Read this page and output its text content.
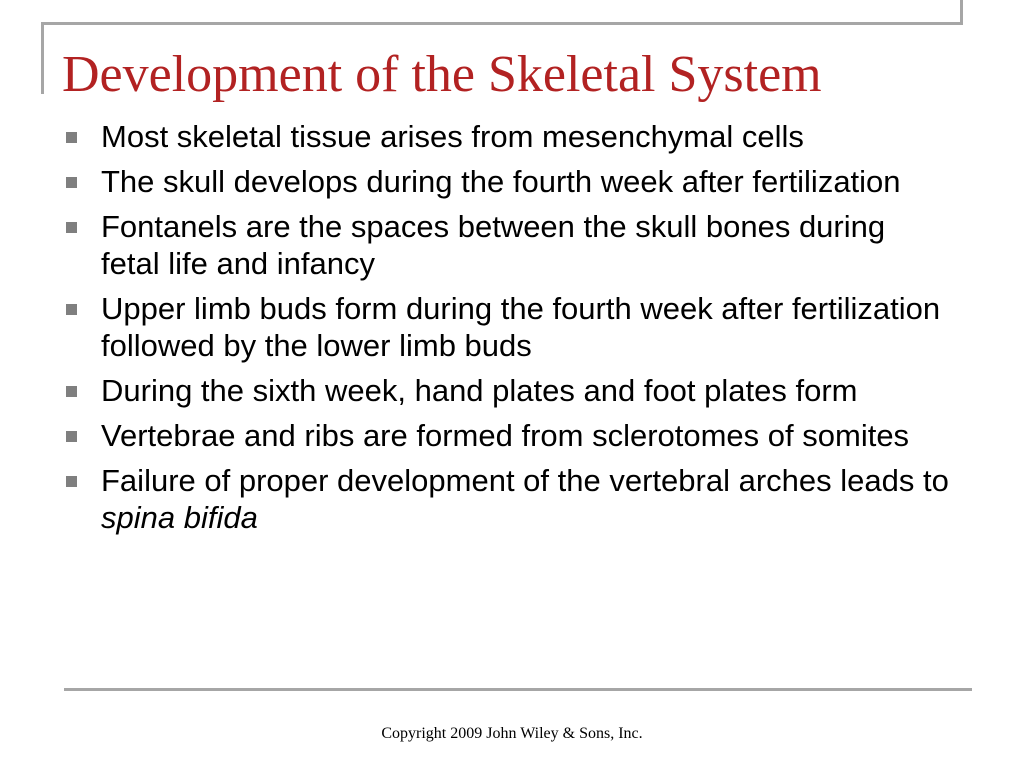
Development of the Skeletal System
Most skeletal tissue arises from mesenchymal cells
The skull develops during the fourth week after fertilization
Fontanels are the spaces between the skull bones during fetal life and infancy
Upper limb buds form during the fourth week after fertilization followed by the lower limb buds
During the sixth week, hand plates and foot plates form
Vertebrae and ribs are formed from sclerotomes of somites
Failure of proper development of the vertebral arches leads to spina bifida
Copyright 2009 John Wiley & Sons, Inc.
